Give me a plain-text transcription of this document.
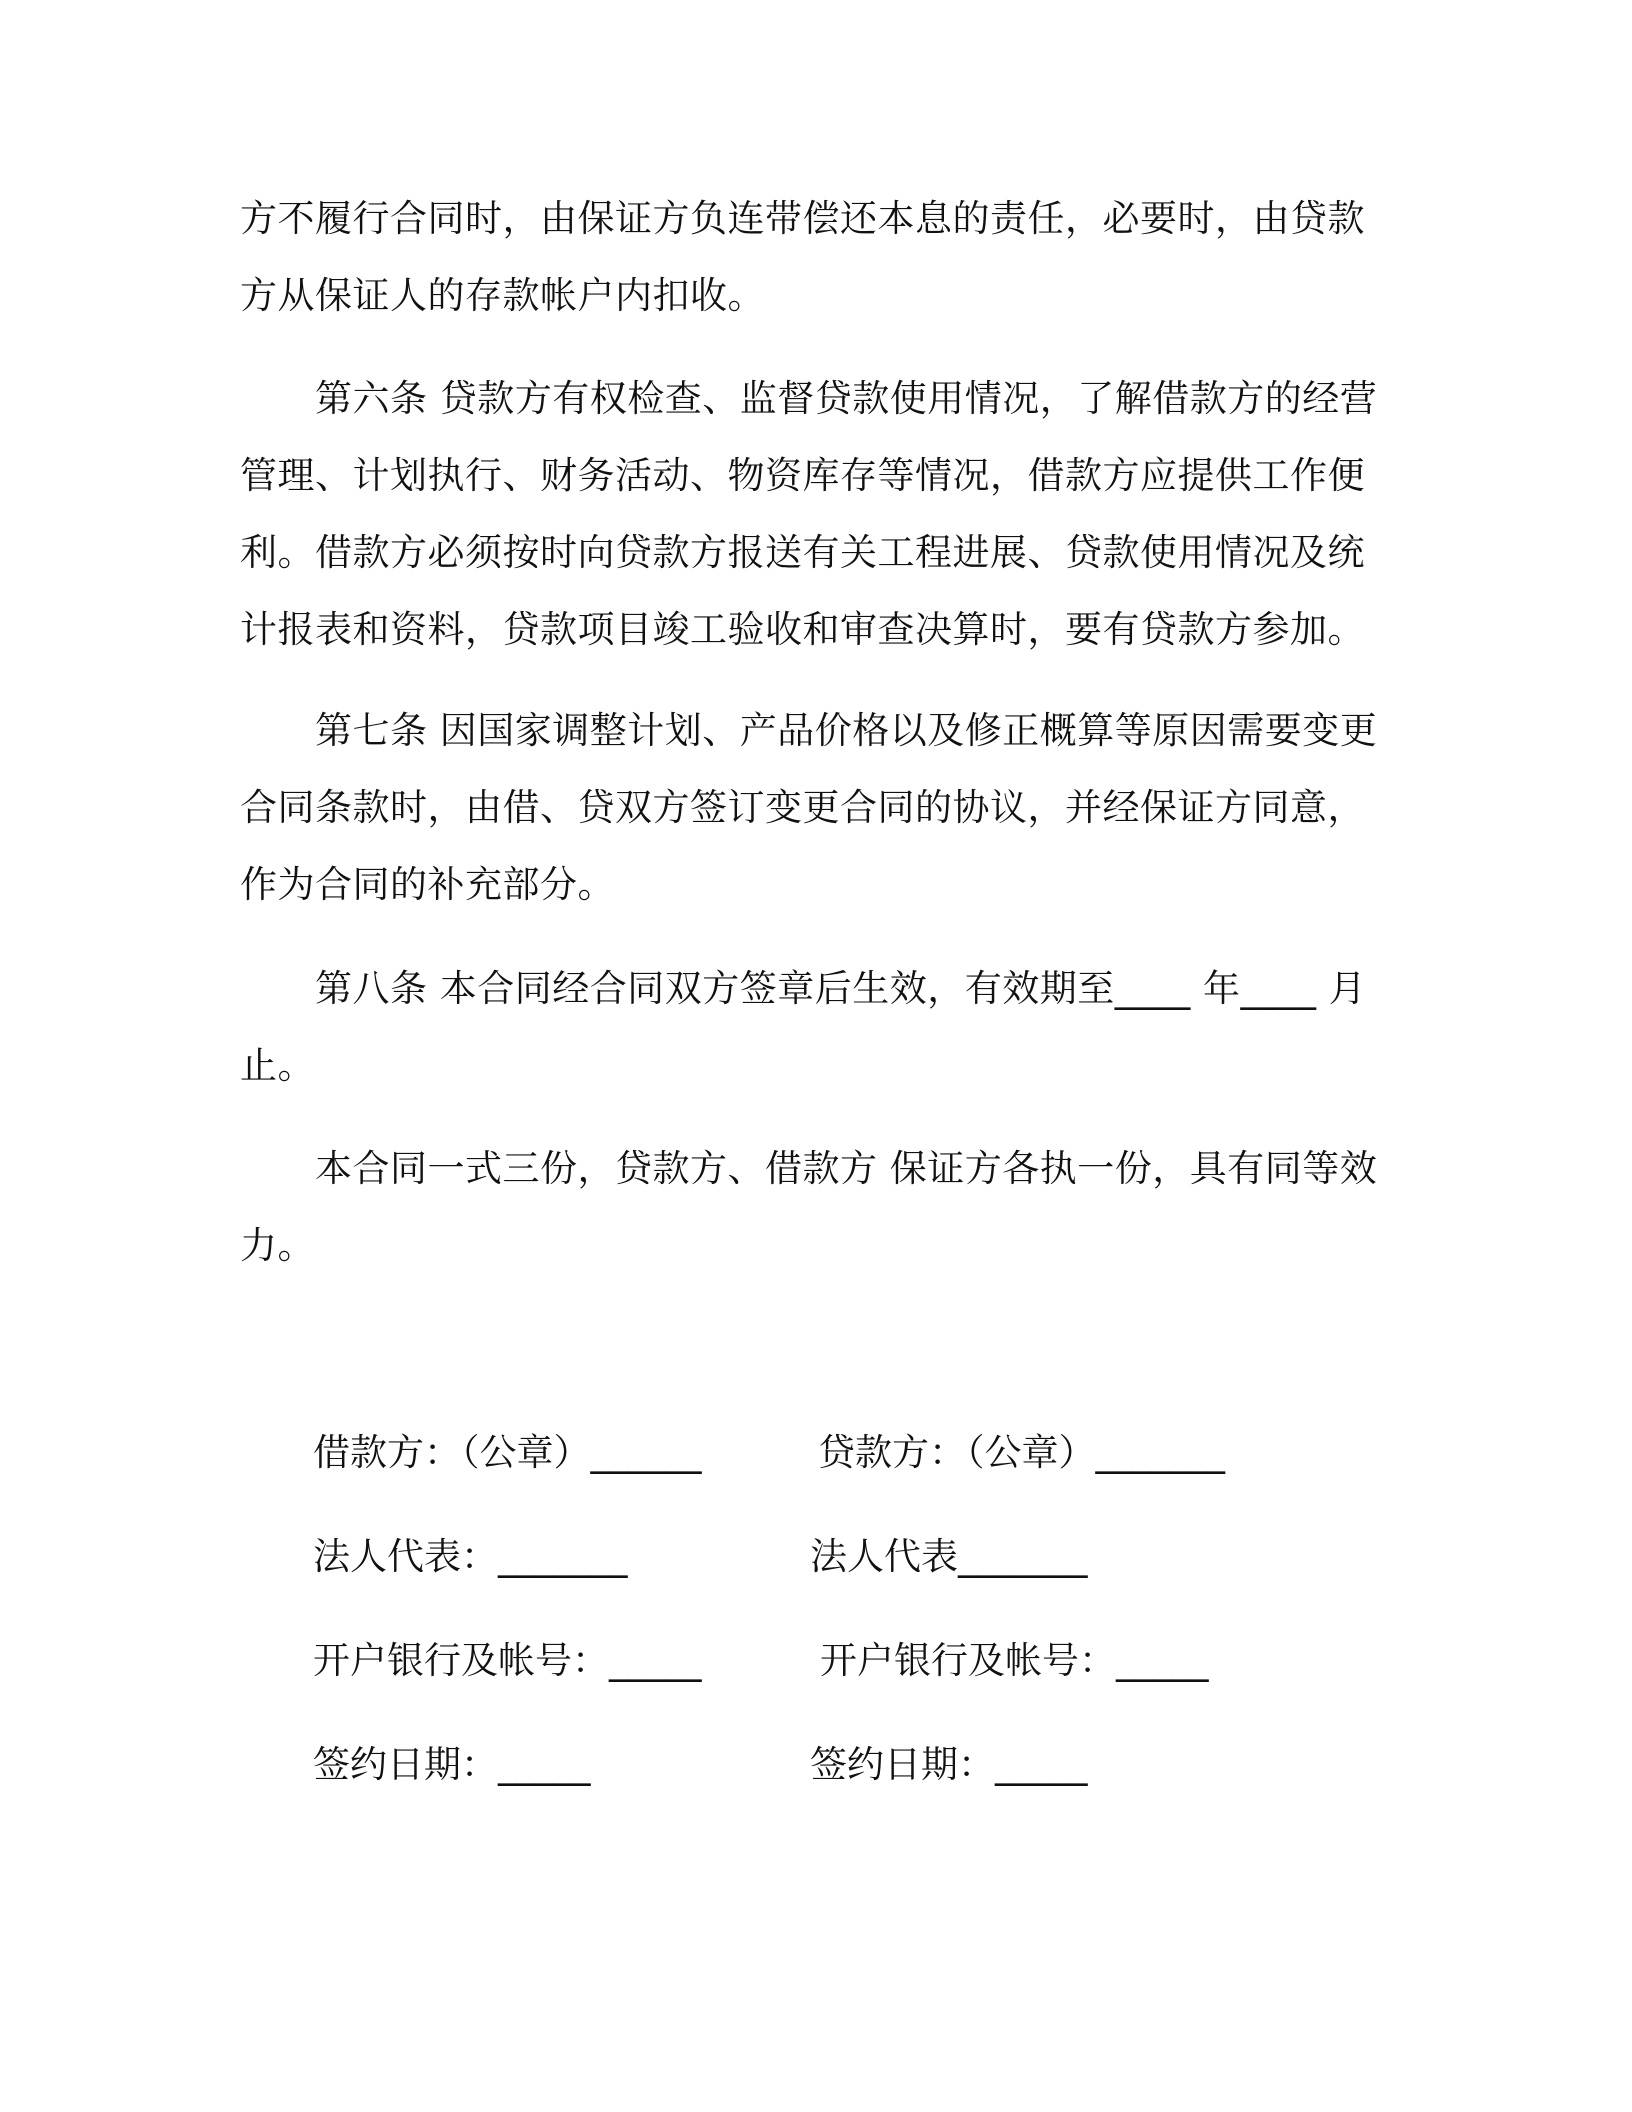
方不履行合同时，由保证方负连带偿还本息的责任，必要时，由贷款
方从保证人的存款帐户内扣收。
第六条 贷款方有权检查、监督贷款使用情况，了解借款方的经营
管理、计划执行、财务活动、物资库存等情况，借款方应提供工作便
利。借款方必须按时向贷款方报送有关工程进展、贷款使用情况及统
计报表和资料，贷款项目竣工验收和审查决算时，要有贷款方参加。
第七条 因国家调整计划、产品价格以及修正概算等原因需要变更
合同条款时，由借、贷双方签订变更合同的协议，并经保证方同意，
作为合同的补充部分。
第八条 本合同经合同双方签章后生效，有效期至____ 年____ 月
止。
本合同一式三份，贷款方、借款方 保证方各执一份，具有同等效
力。
借款方：（公章）______
法人代表：_______
开户银行及帐号：_____
签约日期：_____
贷款方：（公章）_______
法人代表_______
开户银行及帐号：_____
签约日期：_____
